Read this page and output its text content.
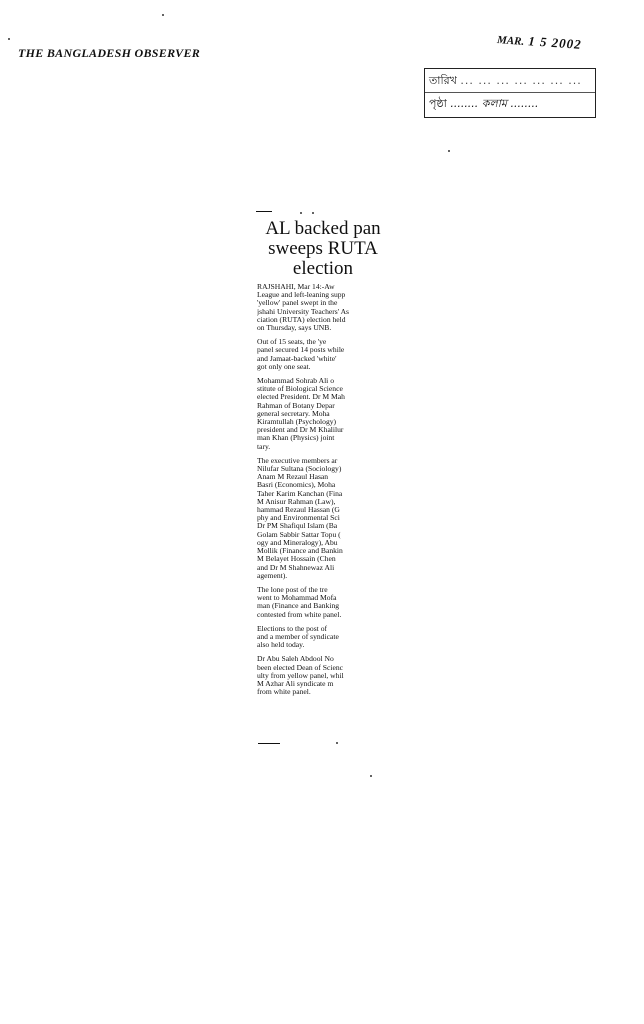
THE BANGLADESH OBSERVER
MAR. 1 5 2002
তারিখ ... ... ... ... ... ... ...
পৃষ্ঠা ........ কলাম ........

AL backed pan

sweeps RUTA

election

RAJSHAHI, Mar 14:-Aw
League and left-leaning supp
'yellow' panel swept in the
jshahi University Teachers' As
ciation (RUTA) election held
on Thursday, says UNB.

Out of 15 seats, the 'ye
panel secured 14 posts while
and Jamaat-backed 'white'
got only one seat.

Mohammad Sohrab Ali o
stitute of Biological Science
elected President. Dr M Mah
Rahman of Botany Depar
general secretary. Moha
Kiramtullah (Psychology)
president and Dr M Khalilur
man Khan (Physics) joint
tary.

The executive members ar
Nilufar Sultana (Sociology)
Anam M Rezaul Hasan
Basri (Economics), Moha
Taher Karim Kanchan (Fina
M Anisur Rahman (Law),
hammad Rezaul Hassan (G
phy and Environmental Sci
Dr PM Shafiqul Islam (Ba
Golam Sabbir Sattar Topu (
ogy and Mineralogy), Abu
Mollik (Finance and Bankin
M Belayet Hossain (Chen
and Dr M Shahnewaz Ali
agement).

The lone post of the tre
went to Mohammad Mofa
man (Finance and Banking
contested from white panel.

Elections to the post of
and a member of syndicate
also held today.

Dr Abu Saleh Abdool No
been elected Dean of Scienc
ulty from yellow panel, whil
M Azhar Ali syndicate m
from white panel.
